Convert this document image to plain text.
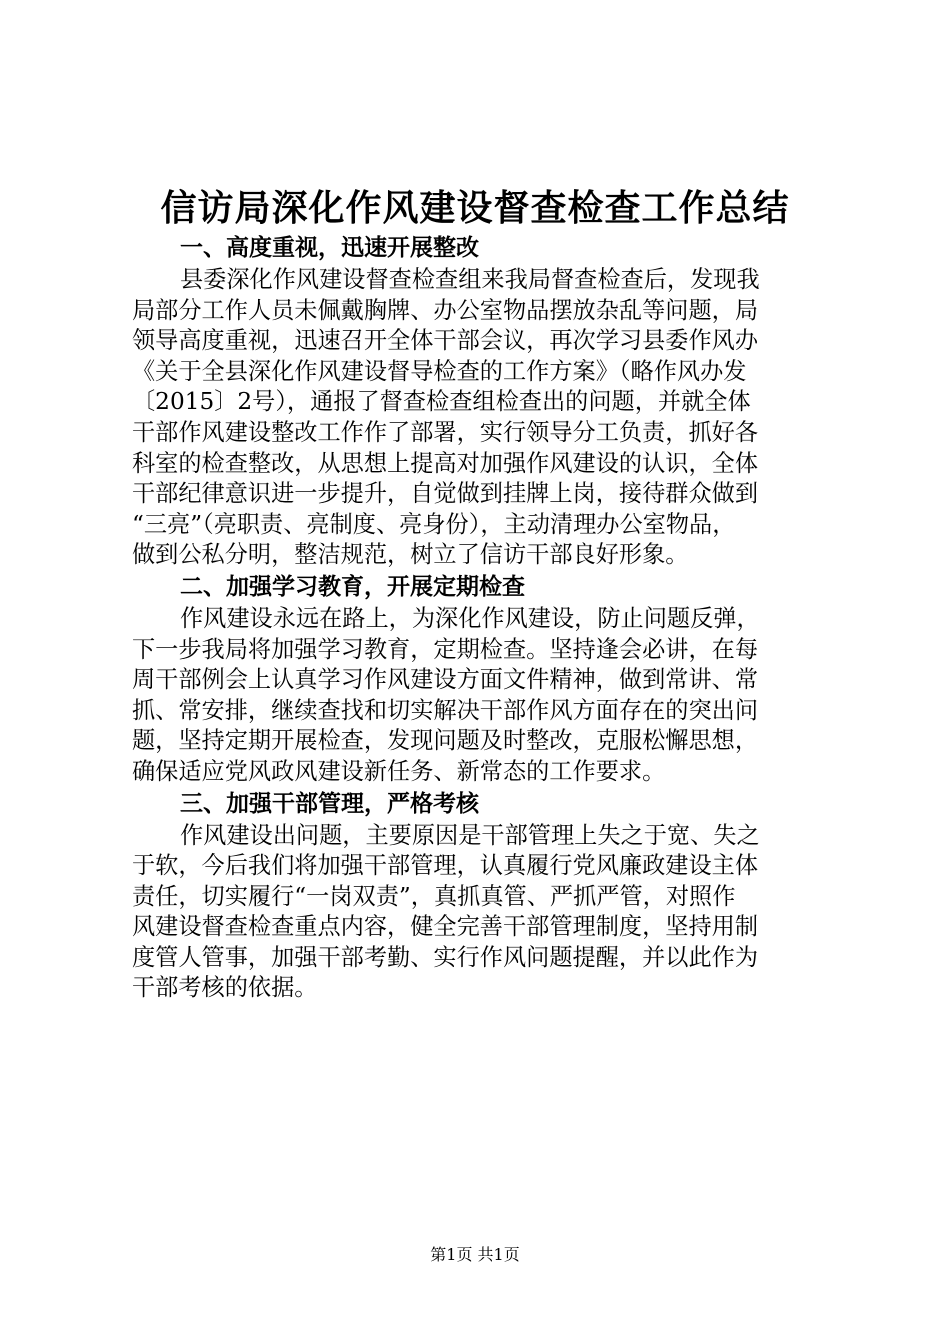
信访局深化作风建设督查检查工作总结
一、高度重视，迅速开展整改

县委深化作风建设督查检查组来我局督查检查后，发现我
局部分工作人员未佩戴胸牌、办公室物品摆放杂乱等问题，局
领导高度重视，迅速召开全体干部会议，再次学习县委作风办
《关于全县深化作风建设督导检查的工作方案》（略作风办发
〔2015〕2号），通报了督查检查组检查出的问题，并就全体
干部作风建设整改工作作了部署，实行领导分工负责，抓好各
科室的检查整改，从思想上提高对加强作风建设的认识，全体
干部纪律意识进一步提升，自觉做到挂牌上岗，接待群众做到
“三亮”（亮职责、亮制度、亮身份），主动清理办公室物品，
做到公私分明，整洁规范，树立了信访干部良好形象。

二、加强学习教育，开展定期检查

作风建设永远在路上，为深化作风建设，防止问题反弹，
下一步我局将加强学习教育，定期检查。坚持逢会必讲，在每
周干部例会上认真学习作风建设方面文件精神，做到常讲、常
抓、常安排，继续查找和切实解决干部作风方面存在的突出问
题，坚持定期开展检查，发现问题及时整改，克服松懈思想，
确保适应党风政风建设新任务、新常态的工作要求。

三、加强干部管理，严格考核

作风建设出问题，主要原因是干部管理上失之于宽、失之
于软，今后我们将加强干部管理，认真履行党风廉政建设主体
责任，切实履行“一岗双责”，真抓真管、严抓严管，对照作
风建设督查检查重点内容，健全完善干部管理制度，坚持用制
度管人管事，加强干部考勤、实行作风问题提醒，并以此作为
干部考核的依据。

第1页 共1页
